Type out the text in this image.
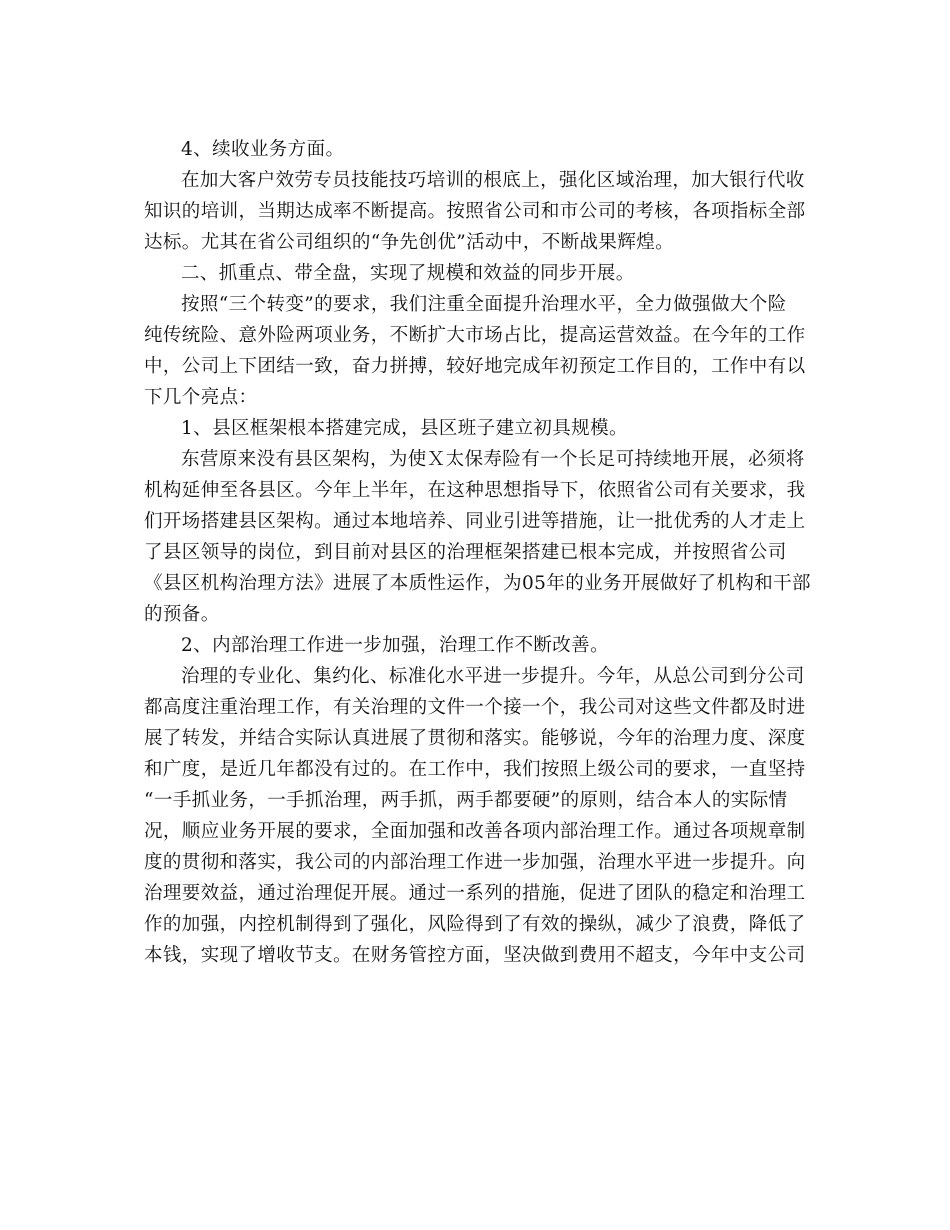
4、续收业务方面。
在加大客户效劳专员技能技巧培训的根底上，强化区域治理，加大银行代收
知识的培训，当期达成率不断提高。按照省公司和市公司的考核，各项指标全部
达标。尤其在省公司组织的“争先创优”活动中，不断战果辉煌。
二、抓重点、带全盘，实现了规模和效益的同步开展。
按照“三个转变”的要求，我们注重全面提升治理水平，全力做强做大个险
纯传统险、意外险两项业务，不断扩大市场占比，提高运营效益。在今年的工作
中，公司上下团结一致，奋力拼搏，较好地完成年初预定工作目的，工作中有以
下几个亮点：
1、县区框架根本搭建完成，县区班子建立初具规模。
东营原来没有县区架构，为使Ｘ太保寿险有一个长足可持续地开展，必须将
机构延伸至各县区。今年上半年，在这种思想指导下，依照省公司有关要求，我
们开场搭建县区架构。通过本地培养、同业引进等措施，让一批优秀的人才走上
了县区领导的岗位，到目前对县区的治理框架搭建已根本完成，并按照省公司
《县区机构治理方法》进展了本质性运作，为05年的业务开展做好了机构和干部
的预备。
2、内部治理工作进一步加强，治理工作不断改善。
治理的专业化、集约化、标准化水平进一步提升。今年，从总公司到分公司
都高度注重治理工作，有关治理的文件一个接一个，我公司对这些文件都及时进
展了转发，并结合实际认真进展了贯彻和落实。能够说，今年的治理力度、深度
和广度，是近几年都没有过的。在工作中，我们按照上级公司的要求，一直坚持
“一手抓业务，一手抓治理，两手抓，两手都要硬”的原则，结合本人的实际情
况，顺应业务开展的要求，全面加强和改善各项内部治理工作。通过各项规章制
度的贯彻和落实，我公司的内部治理工作进一步加强，治理水平进一步提升。向
治理要效益，通过治理促开展。通过一系列的措施，促进了团队的稳定和治理工
作的加强，内控机制得到了强化，风险得到了有效的操纵，减少了浪费，降低了
本钱，实现了增收节支。在财务管控方面，坚决做到费用不超支，今年中支公司
